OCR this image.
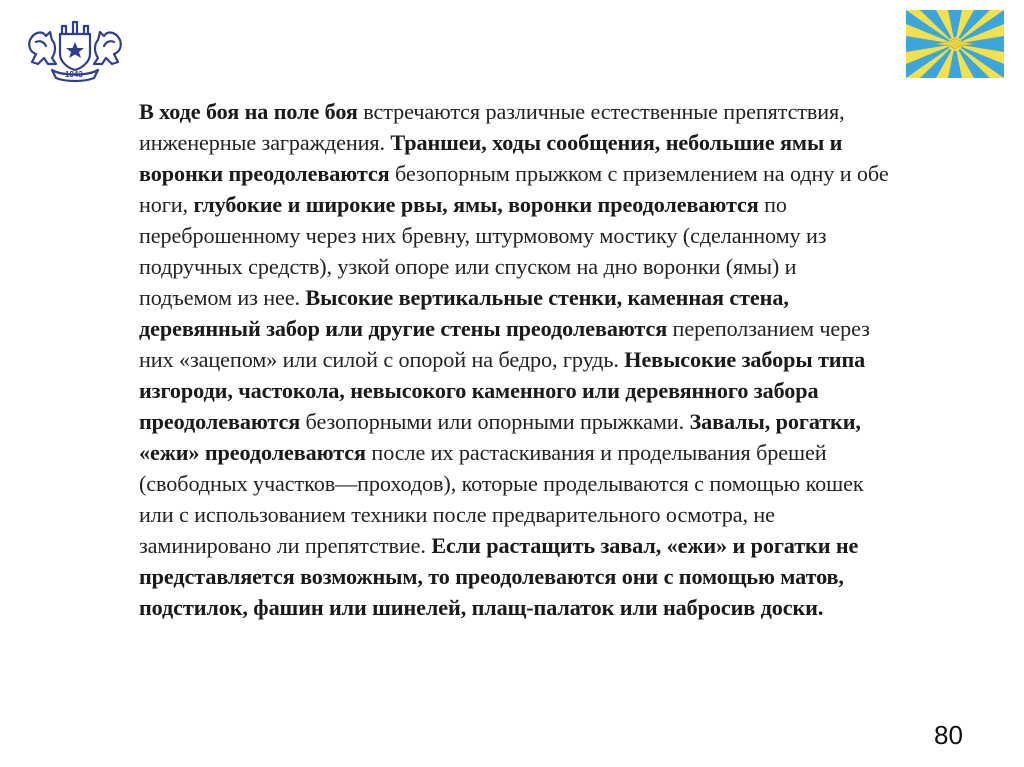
1943
В ходе боя на поле боя встречаются различные естественные препятствия, инженерные заграждения. Траншеи, ходы сообщения, небольшие ямы и воронки преодолеваются безопорным прыжком с приземлением на одну и обе ноги, глубокие и широкие рвы, ямы, воронки преодолеваются по переброшенному через них бревну, штурмовому мостику (сделанному из подручных средств), узкой опоре или спуском на дно воронки (ямы) и подъемом из нее. Высокие вертикальные стенки, каменная стена, деревянный забор или другие стены преодолеваются переползанием через них «зацепом» или силой с опорой на бедро, грудь. Невысокие заборы типа изгороди, частокола, невысокого каменного или деревянного забора преодолеваются безопорными или опорными прыжками. Завалы, рогатки, «ежи» преодолеваются после их растаскивания и проделывания брешей (свободных участков—проходов), которые проделываются с помощью кошек или с использованием техники после предварительного осмотра, не заминировано ли препятствие. Если растащить завал, «ежи» и рогатки не представляется возможным, то преодолеваются они с помощью матов, подстилок, фашин или шинелей, плащ-палаток или набросив доски.
80
